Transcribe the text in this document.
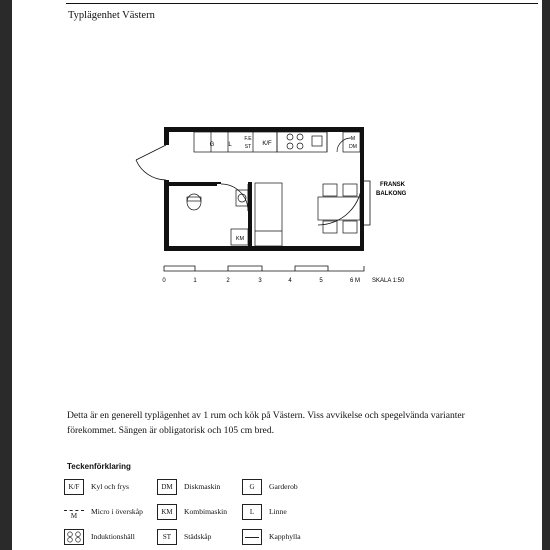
Typlägenhet Västern
G L
F.E
ST K/F
M
DM
KM
FRANSK
BALKONG
0	1	2	3	4	5	6 M SKALA 1:50
Detta är en generell typlägenhet av 1 rum och kök på Västern. Viss avvikelse och spegelvända varianter förekommet. Sängen är obligatorisk och 105 cm bred.
Teckenförklaring
K/F	Kyl och frys	DM	Diskmaskin	G	Garderob
M	Micro i överskåp	KM	Kombimaskin	L	Linne
Induktionshäll	ST	Städskåp	Kapphylla
